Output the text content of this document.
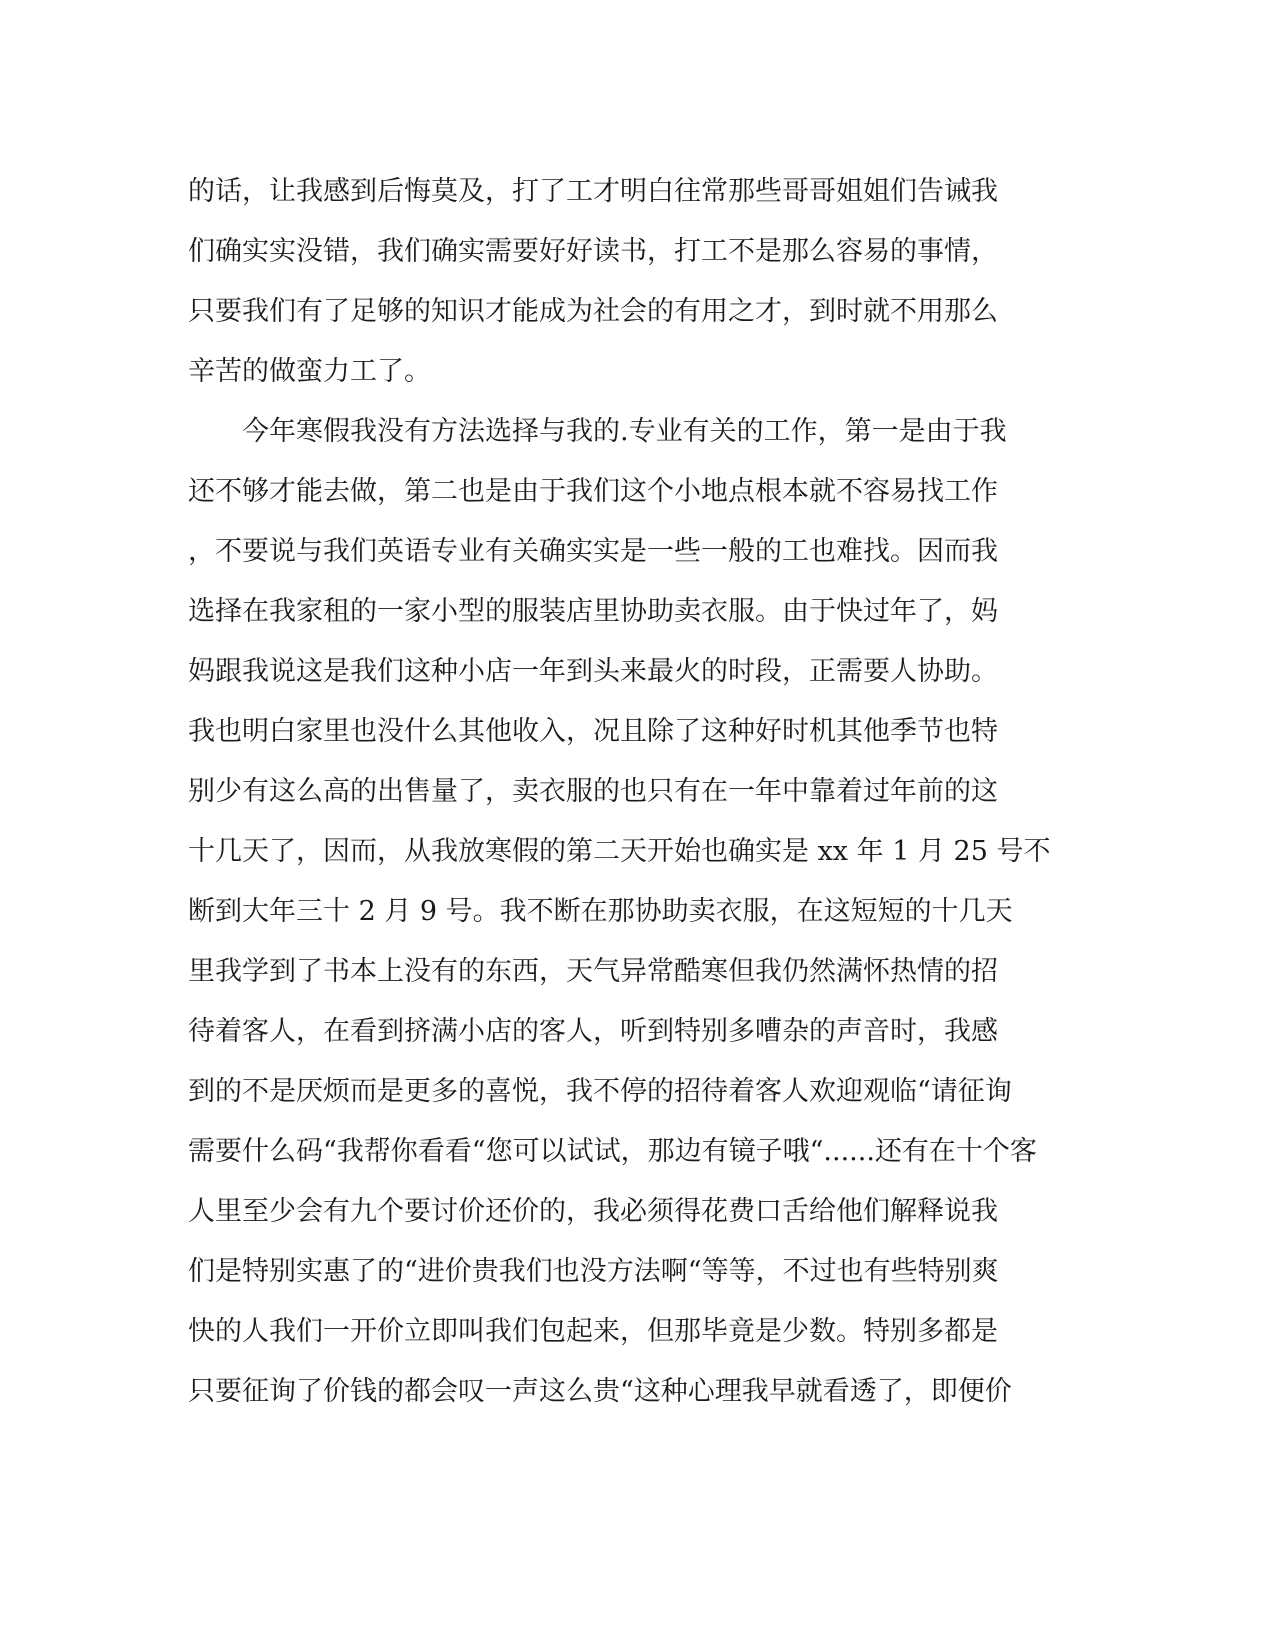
的话，让我感到后悔莫及，打了工才明白往常那些哥哥姐姐们告诫我
们确实实没错，我们确实需要好好读书，打工不是那么容易的事情，
只要我们有了足够的知识才能成为社会的有用之才，到时就不用那么
辛苦的做蛮力工了。
　　今年寒假我没有方法选择与我的.专业有关的工作，第一是由于我
还不够才能去做，第二也是由于我们这个小地点根本就不容易找工作
，不要说与我们英语专业有关确实实是一些一般的工也难找。因而我
选择在我家租的一家小型的服装店里协助卖衣服。由于快过年了，妈
妈跟我说这是我们这种小店一年到头来最火的时段，正需要人协助。
我也明白家里也没什么其他收入，况且除了这种好时机其他季节也特
别少有这么高的出售量了，卖衣服的也只有在一年中靠着过年前的这
十几天了，因而，从我放寒假的第二天开始也确实是 xx 年 1 月 25 号不
断到大年三十 2 月 9 号。我不断在那协助卖衣服，在这短短的十几天
里我学到了书本上没有的东西，天气异常酷寒但我仍然满怀热情的招
待着客人，在看到挤满小店的客人，听到特别多嘈杂的声音时，我感
到的不是厌烦而是更多的喜悦，我不停的招待着客人欢迎观临“请征询
需要什么码“我帮你看看“您可以试试，那边有镜子哦“......还有在十个客
人里至少会有九个要讨价还价的，我必须得花费口舌给他们解释说我
们是特别实惠了的“进价贵我们也没方法啊“等等，不过也有些特别爽
快的人我们一开价立即叫我们包起来，但那毕竟是少数。特别多都是
只要征询了价钱的都会叹一声这么贵“这种心理我早就看透了，即便价
